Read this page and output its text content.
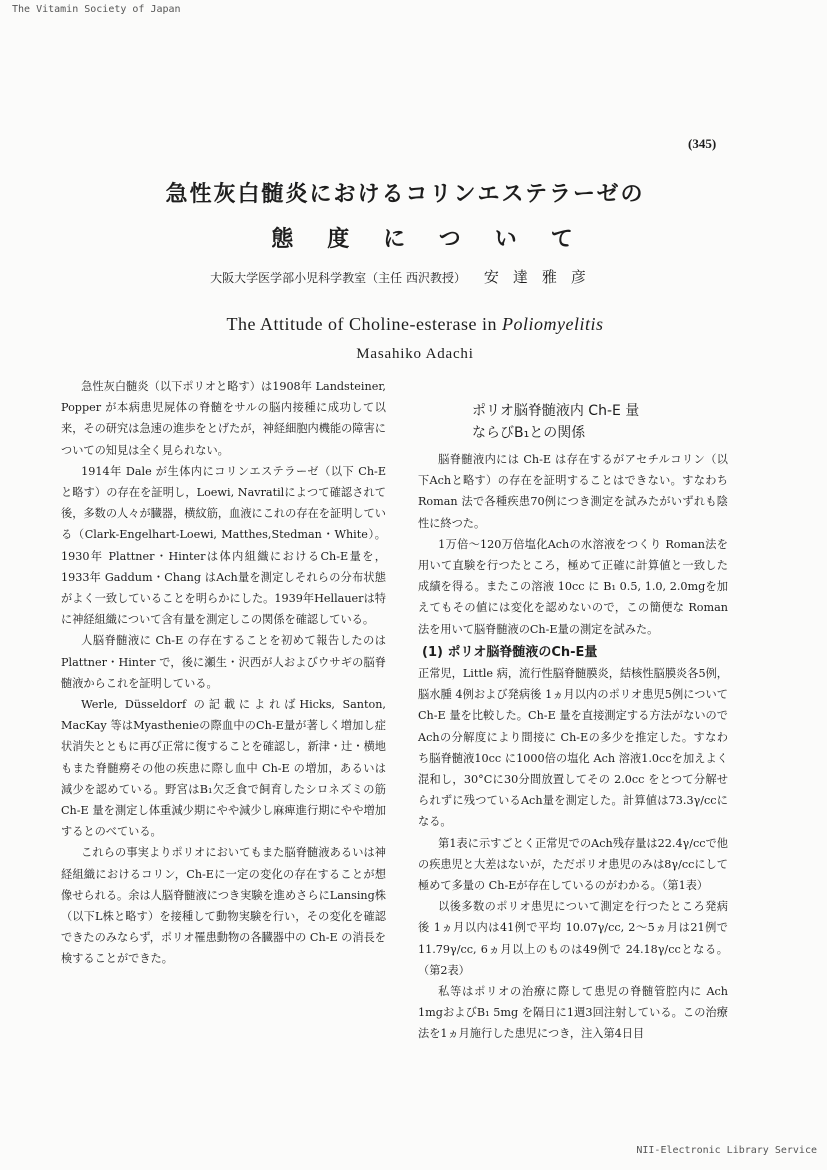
The Vitamin Society of Japan
(345)
急性灰白髄炎におけるコリンエステラーゼの
態度について
大阪大学医学部小児科学教室（主任 西沢教授） 安達雅彦
The Attitude of Choline-esterase in Poliomyelitis
Masahiko Adachi

急性灰白髄炎（以下ポリオと略す）は1908年 Landsteiner, Popper が本病患児屍体の脊髄をサルの脳内接種に成功して以来，その研究は急速の進歩をとげたが，神経細胞内機能の障害についての知見は全く見られない。

1914年 Dale が生体内にコリンエステラーゼ（以下 Ch-E と略す）の存在を証明し，Loewi, Navratilによつて確認されて後，多数の人々が臓器，横紋筋，血液にこれの存在を証明している（Clark-Engelhart-Loewi, Matthes,Stedman・White）。1930年 Plattner・Hinterは体内組織におけるCh-E量を，1933年 Gaddum・Chang はAch量を測定しそれらの分布状態がよく一致していることを明らかにした。1939年Hellauerは特に神経組織について含有量を測定しこの関係を確認している。

人脳脊髄液に Ch-E の存在することを初めて報告したのは Plattner・Hinter で，後に瀬生・沢西が人およびウサギの脳脊髄液からこれを証明している。

Werle, Düsseldorf の記載によればHicks, Santon, MacKay 等はMyasthenieの際血中のCh-E量が著しく増加し症状消失とともに再び正常に復することを確認し，新津・辻・横地もまた脊髄癆その他の疾患に際し血中 Ch-E の増加，あるいは減少を認めている。野宮はB₁欠乏食で飼育したシロネズミの筋 Ch-E 量を測定し体重減少期にやや減少し麻痺進行期にやや増加するとのべている。

これらの事実よりポリオにおいてもまた脳脊髄液あるいは神経組織におけるコリン，Ch-Eに一定の変化の存在することが想像せられる。余は人脳脊髄液につき実験を進めさらにLansing株（以下L株と略す）を接種して動物実験を行い，その変化を確認できたのみならず，ポリオ罹患動物の各臓器中の Ch-E の消長を検することができた。

ポリオ脳脊髄液内 Ch-E 量
ならびB₁との関係

脳脊髄液内には Ch-E は存在するがアセチルコリン（以下Achと略す）の存在を証明することはできない。すなわち Roman 法で各種疾患70例につき測定を試みたがいずれも陰性に終つた。

1万倍～120万倍塩化Achの水溶液をつくり Roman法を用いて直験を行つたところ，極めて正確に計算値と一致した成績を得る。またこの溶液 10cc に B₁ 0.5, 1.0, 2.0mgを加えてもその値には変化を認めないので，この簡便な Roman法を用いて脳脊髄液のCh-E量の測定を試みた。

(1) ポリオ脳脊髄液のCh-E量

正常児，Little 病，流行性脳脊髄膜炎，結核性脳膜炎各5例，脳水腫 4例および発病後 1ヵ月以内のポリオ患児5例についてCh-E 量を比較した。Ch-E 量を直接測定する方法がないので Achの分解度により間接に Ch-Eの多少を推定した。すなわち脳脊髄液10cc に1000倍の塩化 Ach 溶液1.0ccを加えよく混和し，30°Cに30分間放置してその 2.0cc をとつて分解せられずに残つているAch量を測定した。計算値は73.3γ/ccになる。

第1表に示すごとく正常児でのAch残存量は22.4γ/ccで他の疾患児と大差はないが，ただポリオ患児のみは8γ/ccにして極めて多量の Ch-Eが存在しているのがわかる。（第1表）

以後多数のポリオ患児について測定を行つたところ発病後 1ヵ月以内は41例で平均 10.07γ/cc, 2～5ヵ月は21例で 11.79γ/cc, 6ヵ月以上のものは49例で 24.18γ/ccとなる。（第2表）

私等はポリオの治療に際して患児の脊髄管腔内に Ach 1mgおよびB₁ 5mg を隔日に1週3回注射している。この治療法を1ヵ月施行した患児につき，注入第4日目

NII-Electronic Library Service
